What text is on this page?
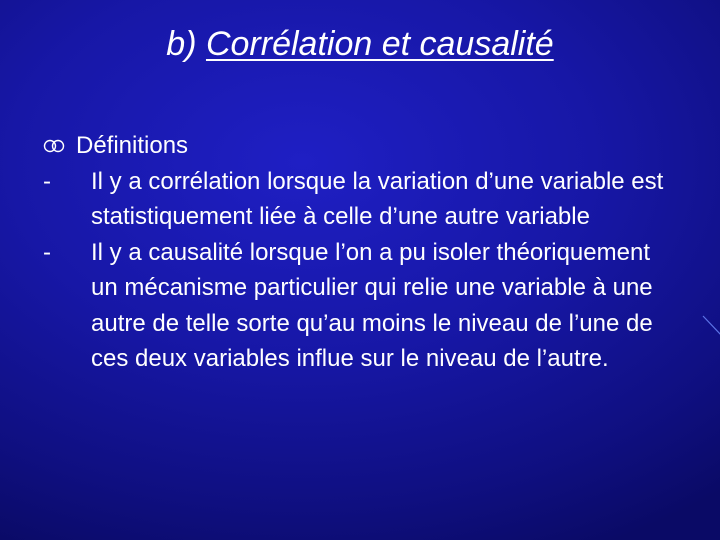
b) Corrélation et causalité
Définitions
-	Il y a corrélation lorsque la variation d’une variable est statistiquement liée à celle d’une autre variable
-	Il y a causalité lorsque l’on a pu isoler théoriquement un mécanisme particulier qui relie une variable à une autre de telle sorte qu’au moins le niveau de l’une de ces deux variables influe sur le niveau de l’autre.
